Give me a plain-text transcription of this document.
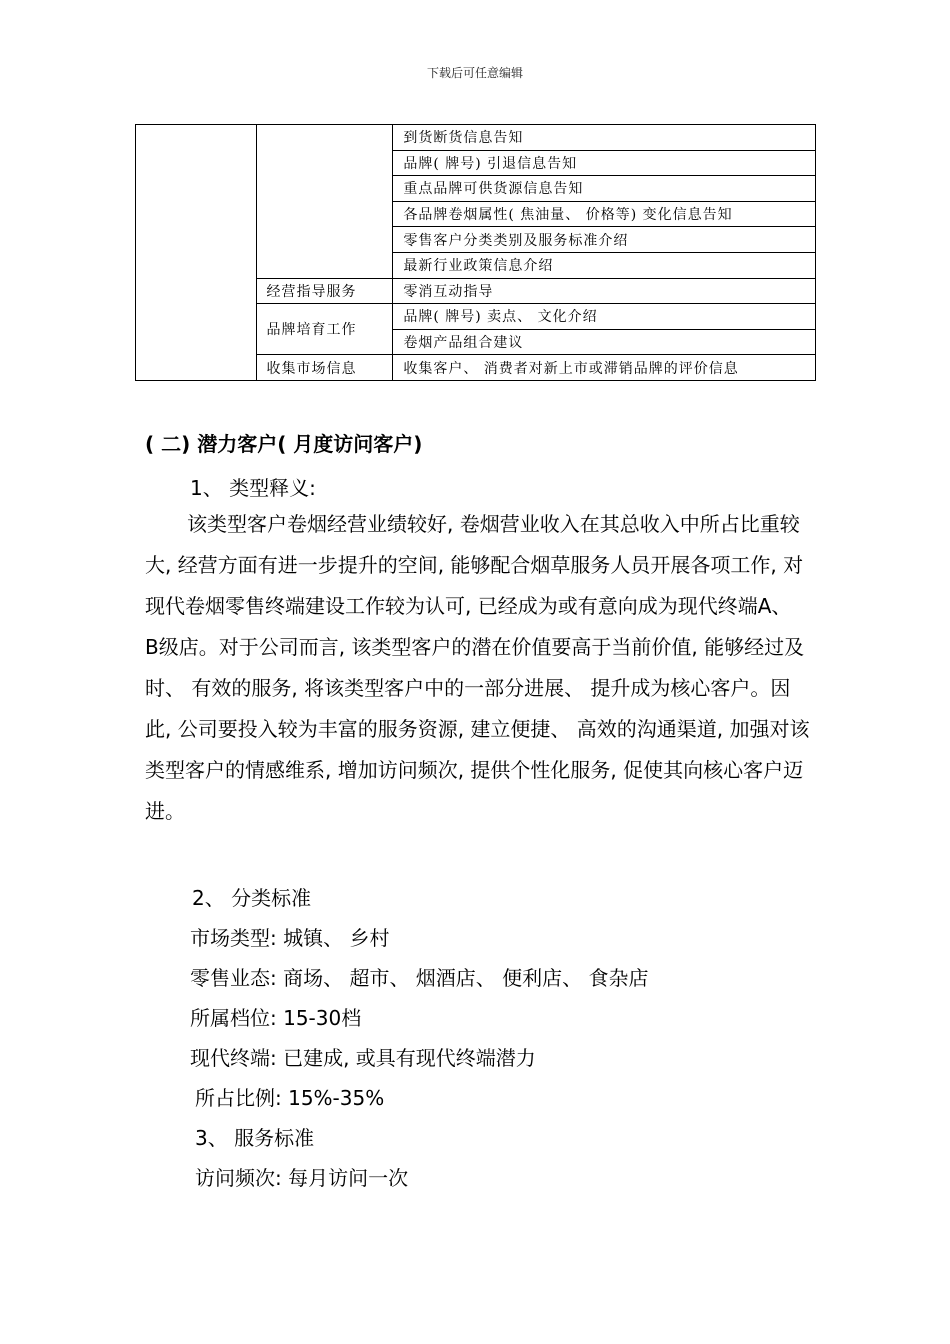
下载后可任意编辑
		到货断货信息告知
		品牌( 牌号) 引退信息告知
		重点品牌可供货源信息告知
		各品牌卷烟属性( 焦油量、 价格等) 变化信息告知
		零售客户分类类别及服务标准介绍
		最新行业政策信息介绍
	经营指导服务	零消互动指导
	品牌培育工作	品牌( 牌号) 卖点、 文化介绍
		卷烟产品组合建议
	收集市场信息	收集客户、 消费者对新上市或滞销品牌的评价信息
( 二) 潜力客户( 月度访问客户)
1、 类型释义:
该类型客户卷烟经营业绩较好, 卷烟营业收入在其总收入中所占比重较大, 经营方面有进一步提升的空间, 能够配合烟草服务人员开展各项工作, 对现代卷烟零售终端建设工作较为认可, 已经成为或有意向成为现代终端A、 B级店。对于公司而言, 该类型客户的潜在价值要高于当前价值, 能够经过及时、 有效的服务, 将该类型客户中的一部分进展、 提升成为核心客户。因此, 公司要投入较为丰富的服务资源, 建立便捷、 高效的沟通渠道, 加强对该类型客户的情感维系, 增加访问频次, 提供个性化服务, 促使其向核心客户迈进。
2、 分类标准
市场类型: 城镇、 乡村
零售业态: 商场、 超市、 烟酒店、 便利店、 食杂店
所属档位: 15-30档
现代终端: 已建成, 或具有现代终端潜力
所占比例: 15%-35%
3、 服务标准
访问频次: 每月访问一次
